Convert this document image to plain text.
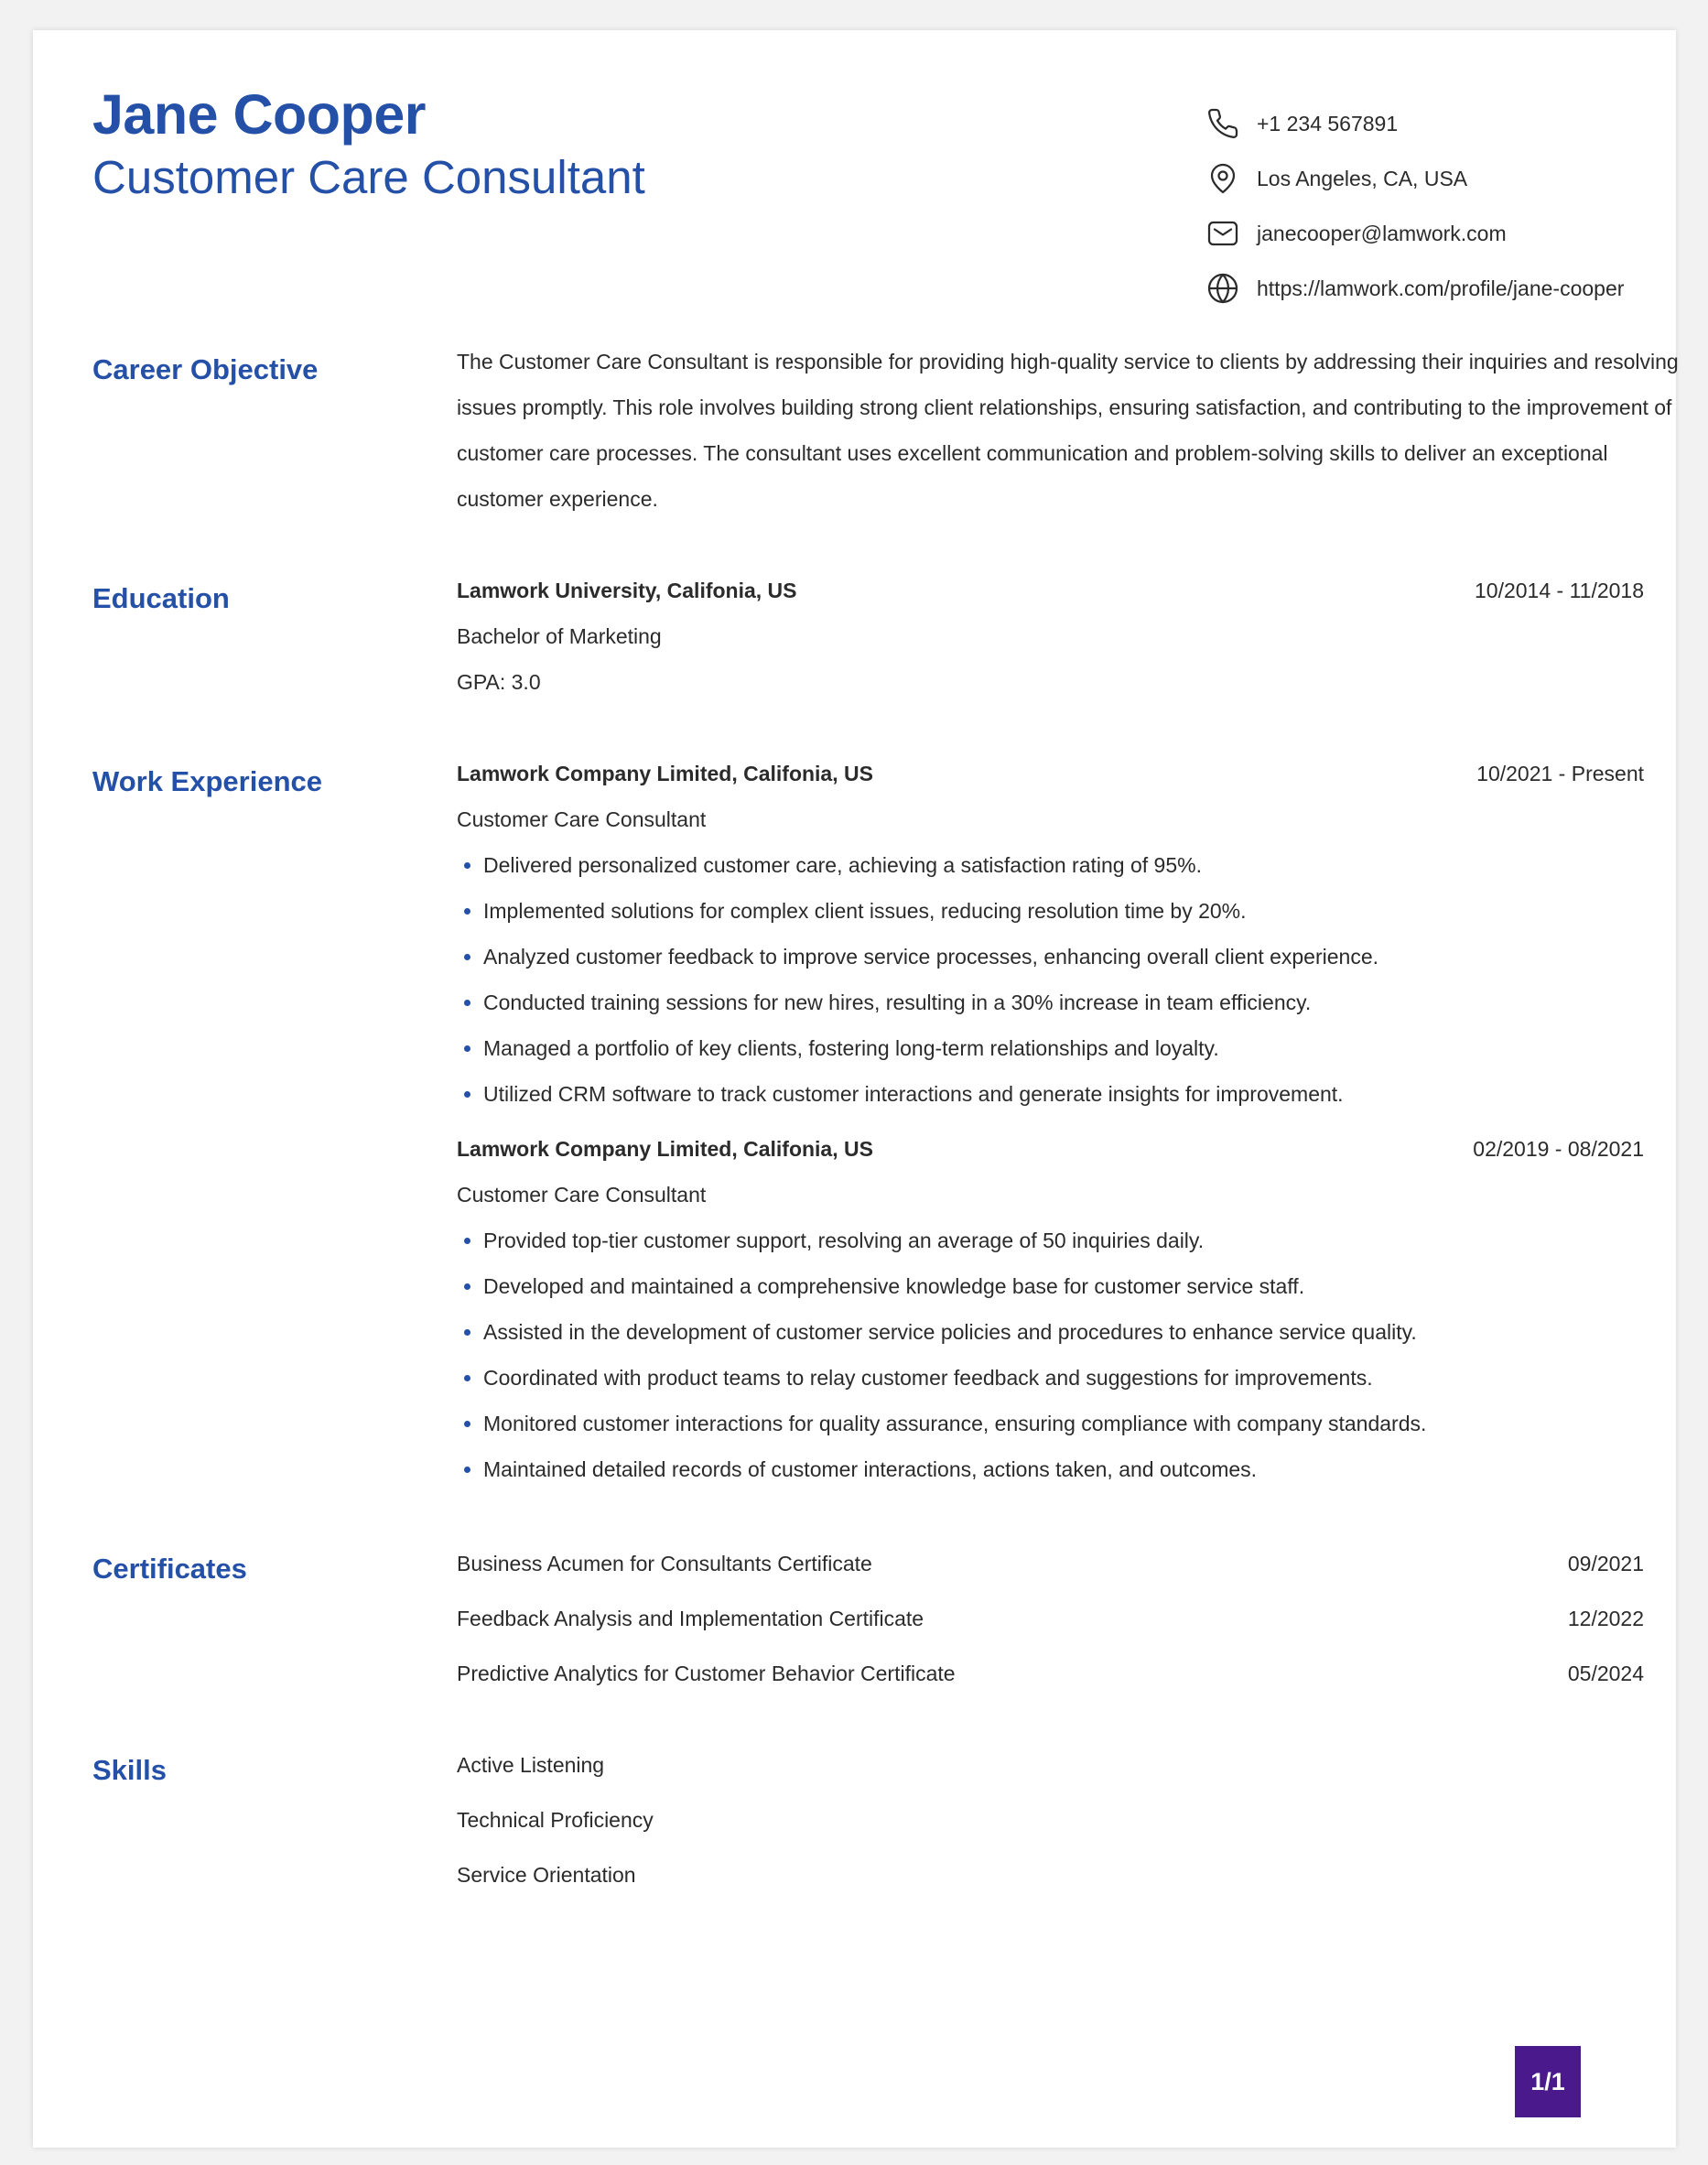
Jane Cooper
Customer Care Consultant
+1 234 567891
Los Angeles, CA, USA
janecooper@lamwork.com
https://lamwork.com/profile/jane-cooper
Career Objective	The Customer Care Consultant is responsible for providing high-quality service to clients by addressing their inquiries and resolving

issues promptly. This role involves building strong client relationships, ensuring satisfaction, and contributing to the improvement of

customer care processes. The consultant uses excellent communication and problem-solving skills to deliver an exceptional

customer experience.

Education	Lamwork University, Califonia, US	10/2014 - 11/2018
Bachelor of Marketing
GPA: 3.0
Work Experience	Lamwork Company Limited, Califonia, US	10/2021 - Present
Customer Care Consultant
Delivered personalized customer care, achieving a satisfaction rating of 95%.
Implemented solutions for complex client issues, reducing resolution time by 20%.
Analyzed customer feedback to improve service processes, enhancing overall client experience.
Conducted training sessions for new hires, resulting in a 30% increase in team efficiency.
Managed a portfolio of key clients, fostering long-term relationships and loyalty.
Utilized CRM software to track customer interactions and generate insights for improvement.
Lamwork Company Limited, Califonia, US	02/2019 - 08/2021
Customer Care Consultant
Provided top-tier customer support, resolving an average of 50 inquiries daily.
Developed and maintained a comprehensive knowledge base for customer service staff.
Assisted in the development of customer service policies and procedures to enhance service quality.
Coordinated with product teams to relay customer feedback and suggestions for improvements.
Monitored customer interactions for quality assurance, ensuring compliance with company standards.
Maintained detailed records of customer interactions, actions taken, and outcomes.
Certificates	Business Acumen for Consultants Certificate	09/2021
Feedback Analysis and Implementation Certificate	12/2022
Predictive Analytics for Customer Behavior Certificate	05/2024
Skills	Active Listening
Technical Proficiency
Service Orientation
1/1
